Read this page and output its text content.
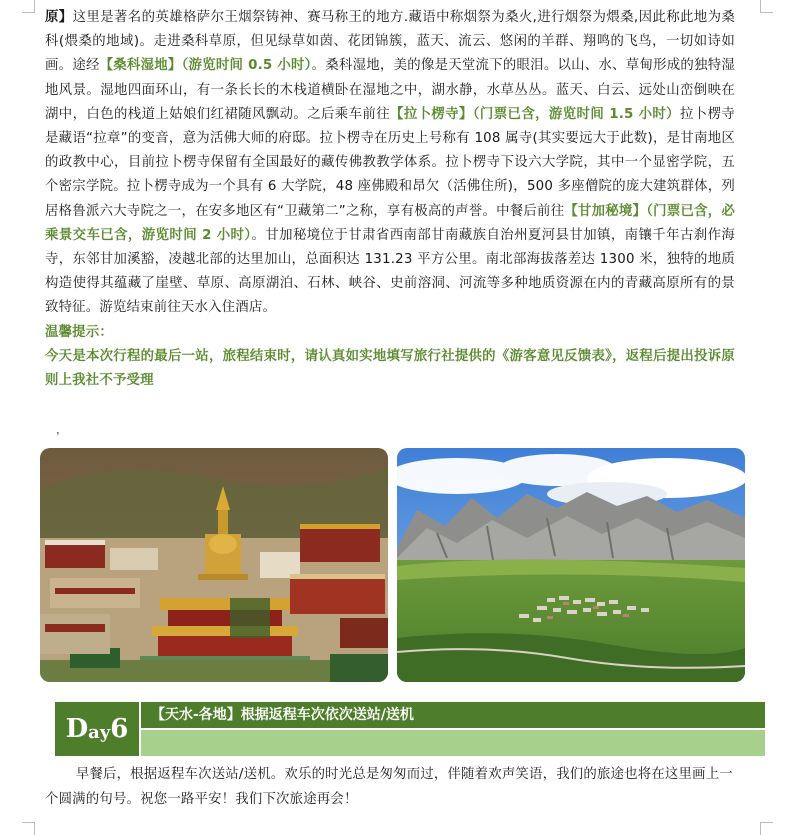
原】这里是著名的英雄格萨尔王烟祭铸神、赛马称王的地方.藏语中称烟祭为桑火,进行烟祭为煨桑,因此称此地为桑科(煨桑的地域)。走进桑科草原，但见绿草如茵、花团锦簇，蓝天、流云、悠闲的羊群、翔鸣的飞鸟，一切如诗如画。途经【桑科湿地】（游览时间 0.5 小时）。桑科湿地，美的像是天堂流下的眼泪。以山、水、草甸形成的独特湿地风景。湿地四面环山，有一条长长的木栈道横卧在湿地之中，湖水静，水草丛丛。蓝天、白云、远处山峦倒映在湖中，白色的栈道上姑娘们红裙随风飘动。之后乘车前往【拉卜楞寺】（门票已含，游览时间 1.5 小时）拉卜楞寺是藏语“拉章”的变音，意为活佛大师的府邸。拉卜楞寺在历史上号称有 108 属寺(其实要远大于此数)，是甘南地区的政教中心，目前拉卜楞寺保留有全国最好的藏传佛教教学体系。拉卜楞寺下设六大学院，其中一个显密学院，五个密宗学院。拉卜楞寺成为一个具有 6 大学院，48 座佛殿和昂欠（活佛住所)，500 多座僧院的庞大建筑群体，列居格鲁派六大寺院之一，在安多地区有“卫藏第二”之称，享有极高的声誉。中餐后前往【甘加秘境】（门票已含，必乘景交车已含，游览时间 2 小时）。甘加秘境位于甘肃省西南部甘南藏族自治州夏河县甘加镇，南镶千年古刹作海寺，东邻甘加溪豁，凌越北部的达里加山，总面积达 131.23 平方公里。南北部海拔落差达 1300 米，独特的地质构造使得其蕴藏了崖壁、草原、高原湖泊、石林、峡谷、史前溶洞、河流等多种地质资源在内的青藏高原所有的景致特征。游览结束前往天水入住酒店。

温馨提示：

今天是本次行程的最后一站，旅程结束时，请认真如实地填写旅行社提供的《游客意见反馈表》，返程后提出投诉原则上我社不予受理

，
D ay 6	【天水-各地】根据返程车次依次送站/送机
早餐后，根据返程车次送站/送机。欢乐的时光总是匆匆而过，伴随着欢声笑语，我们的旅途也将在这里画上一个圆满的句号。祝您一路平安！我们下次旅途再会！
